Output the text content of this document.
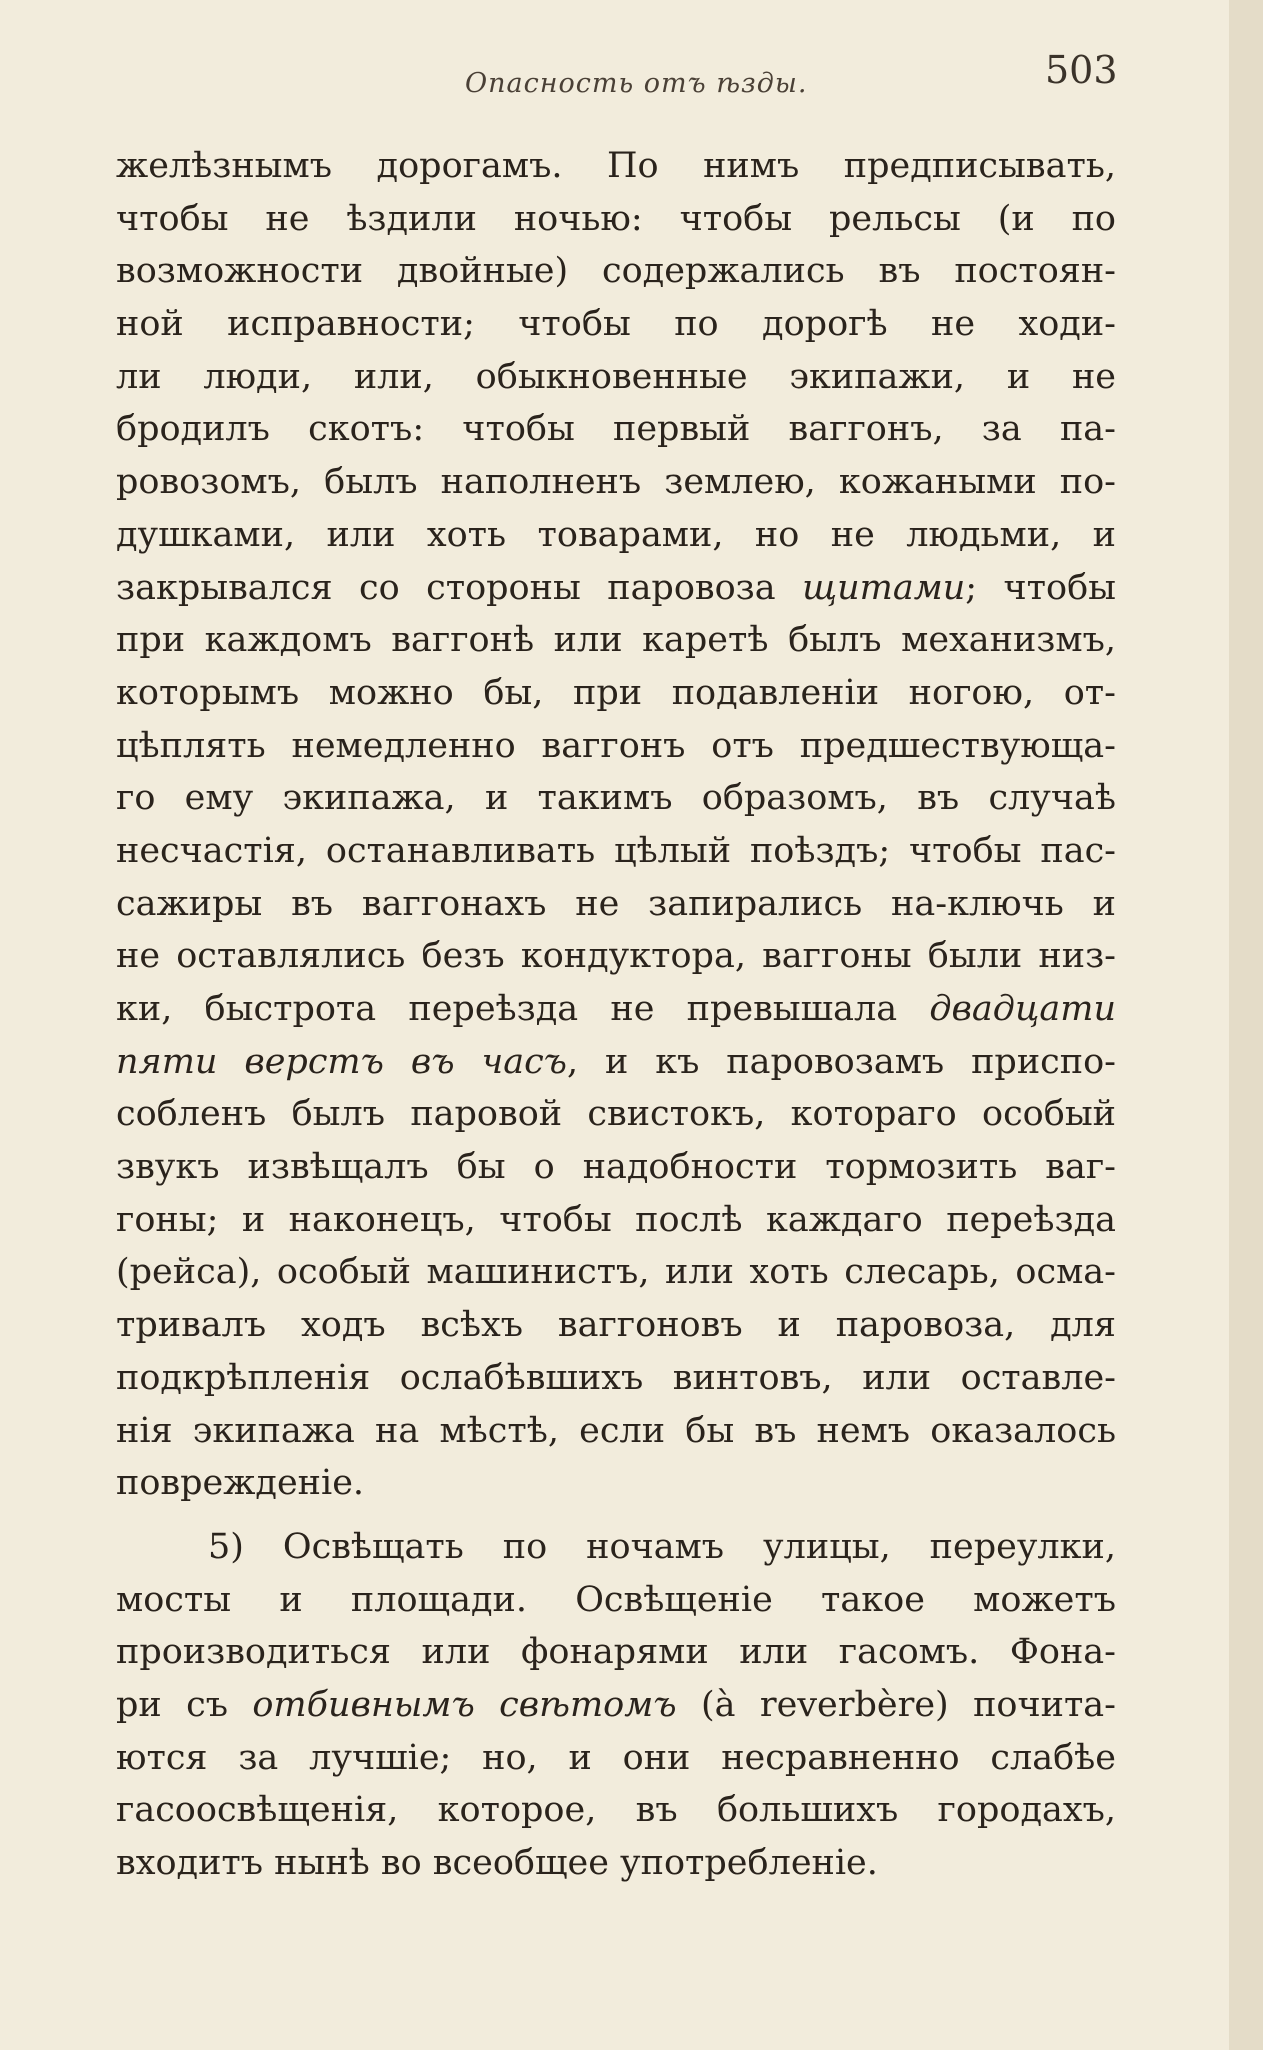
Опасность отъ ѣзды.	503
желѣзнымъ дорогамъ. По нимъ предписывать,
чтобы не ѣздили ночью: чтобы рельсы (и по
возможности двойные) содержались въ постоян-
ной исправности; чтобы по дорогѣ не ходи-
ли люди, или, обыкновенные экипажи, и не
бродилъ скотъ: чтобы первый ваггонъ, за па-
ровозомъ, былъ наполненъ землею, кожаными по-
душками, или хоть товарами, но не людьми, и
закрывался со стороны паровоза щитами; чтобы
при каждомъ ваггонѣ или каретѣ былъ механизмъ,
которымъ можно бы, при подавленіи ногою, от-
цѣплять немедленно ваггонъ отъ предшествующа-
го ему экипажа, и такимъ образомъ, въ случаѣ
несчастія, останавливать цѣлый поѣздъ; чтобы пас-
сажиры въ ваггонахъ не запирались на-ключь и
не оставлялись безъ кондуктора, ваггоны были низ-
ки, быстрота переѣзда не превышала двадцати
пяти верстъ въ часъ, и къ паровозамъ приспо-
собленъ былъ паровой свистокъ, котораго особый
звукъ извѣщалъ бы о надобности тормозить ваг-
гоны; и наконецъ, чтобы послѣ каждаго переѣзда
(рейса), особый машинистъ, или хоть слесарь, осма-
тривалъ ходъ всѣхъ ваггоновъ и паровоза, для
подкрѣпленія ослабѣвшихъ винтовъ, или оставле-
нія экипажа на мѣстѣ, если бы въ немъ оказалось
поврежденіе.
5) Освѣщать по ночамъ улицы, переулки,
мосты и площади. Освѣщеніе такое можетъ
производиться или фонарями или гасомъ. Фона-
ри съ отбивнымъ свѣтомъ (à reverbère) почита-
ются за лучшіе; но, и они несравненно слабѣе
гасоосвѣщенія, которое, въ большихъ городахъ,
входитъ нынѣ во всеобщее употребленіе.
